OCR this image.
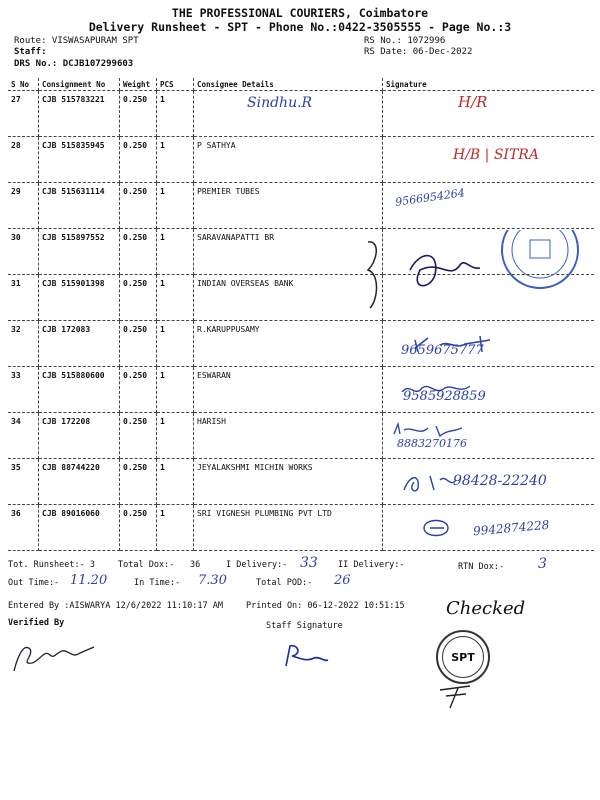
THE PROFESSIONAL COURIERS, Coimbatore
Delivery Runsheet - SPT - Phone No.:0422-3505555 - Page No.:3
Route: VISWASAPURAM SPT
Staff:
DRS No.: DCJB107299603
RS No.: 1072996
RS Date: 06-Dec-2022
S No	Consignment No	Weight	PCS	Consignee Details	Signature
27	CJB 515783221	0.250	1	Sindhu.R	H/R

28	CJB 515835945	0.250	1	P SATHYA	H/B | SITRA

29	CJB 515631114	0.250	1	PREMIER TUBES	9566954264

30	CJB 515897552	0.250	1	SARAVANAPATTI BR	
31	CJB 515901398	0.250	1	INDIAN OVERSEAS BANK	
32	CJB 172083	0.250	1	R.KARUPPUSAMY	9659675777

33	CJB 515880600	0.250	1	ESWARAN	9585928859

34	CJB 172208	0.250	1	HARISH	8883270176

35	CJB 88744220	0.250	1	JEYALAKSHMI MICHIN WORKS	98428-22240

36	CJB 89016060	0.250	1	SRI VIGNESH PLUMBING PVT LTD	9942874228
Tot. Runsheet:- 3	Total Dox:- 36	I Delivery:- 33 II Delivery:-	RTN Dox:- 3
Out Time:- 11.20	In Time:- 7.30	Total POD:- 26
Entered By :AISWARYA 12/6/2022 11:10:17 AM	Printed On: 06-12-2022 10:51:15 Checked
Verified By	Staff Signature
SPT
